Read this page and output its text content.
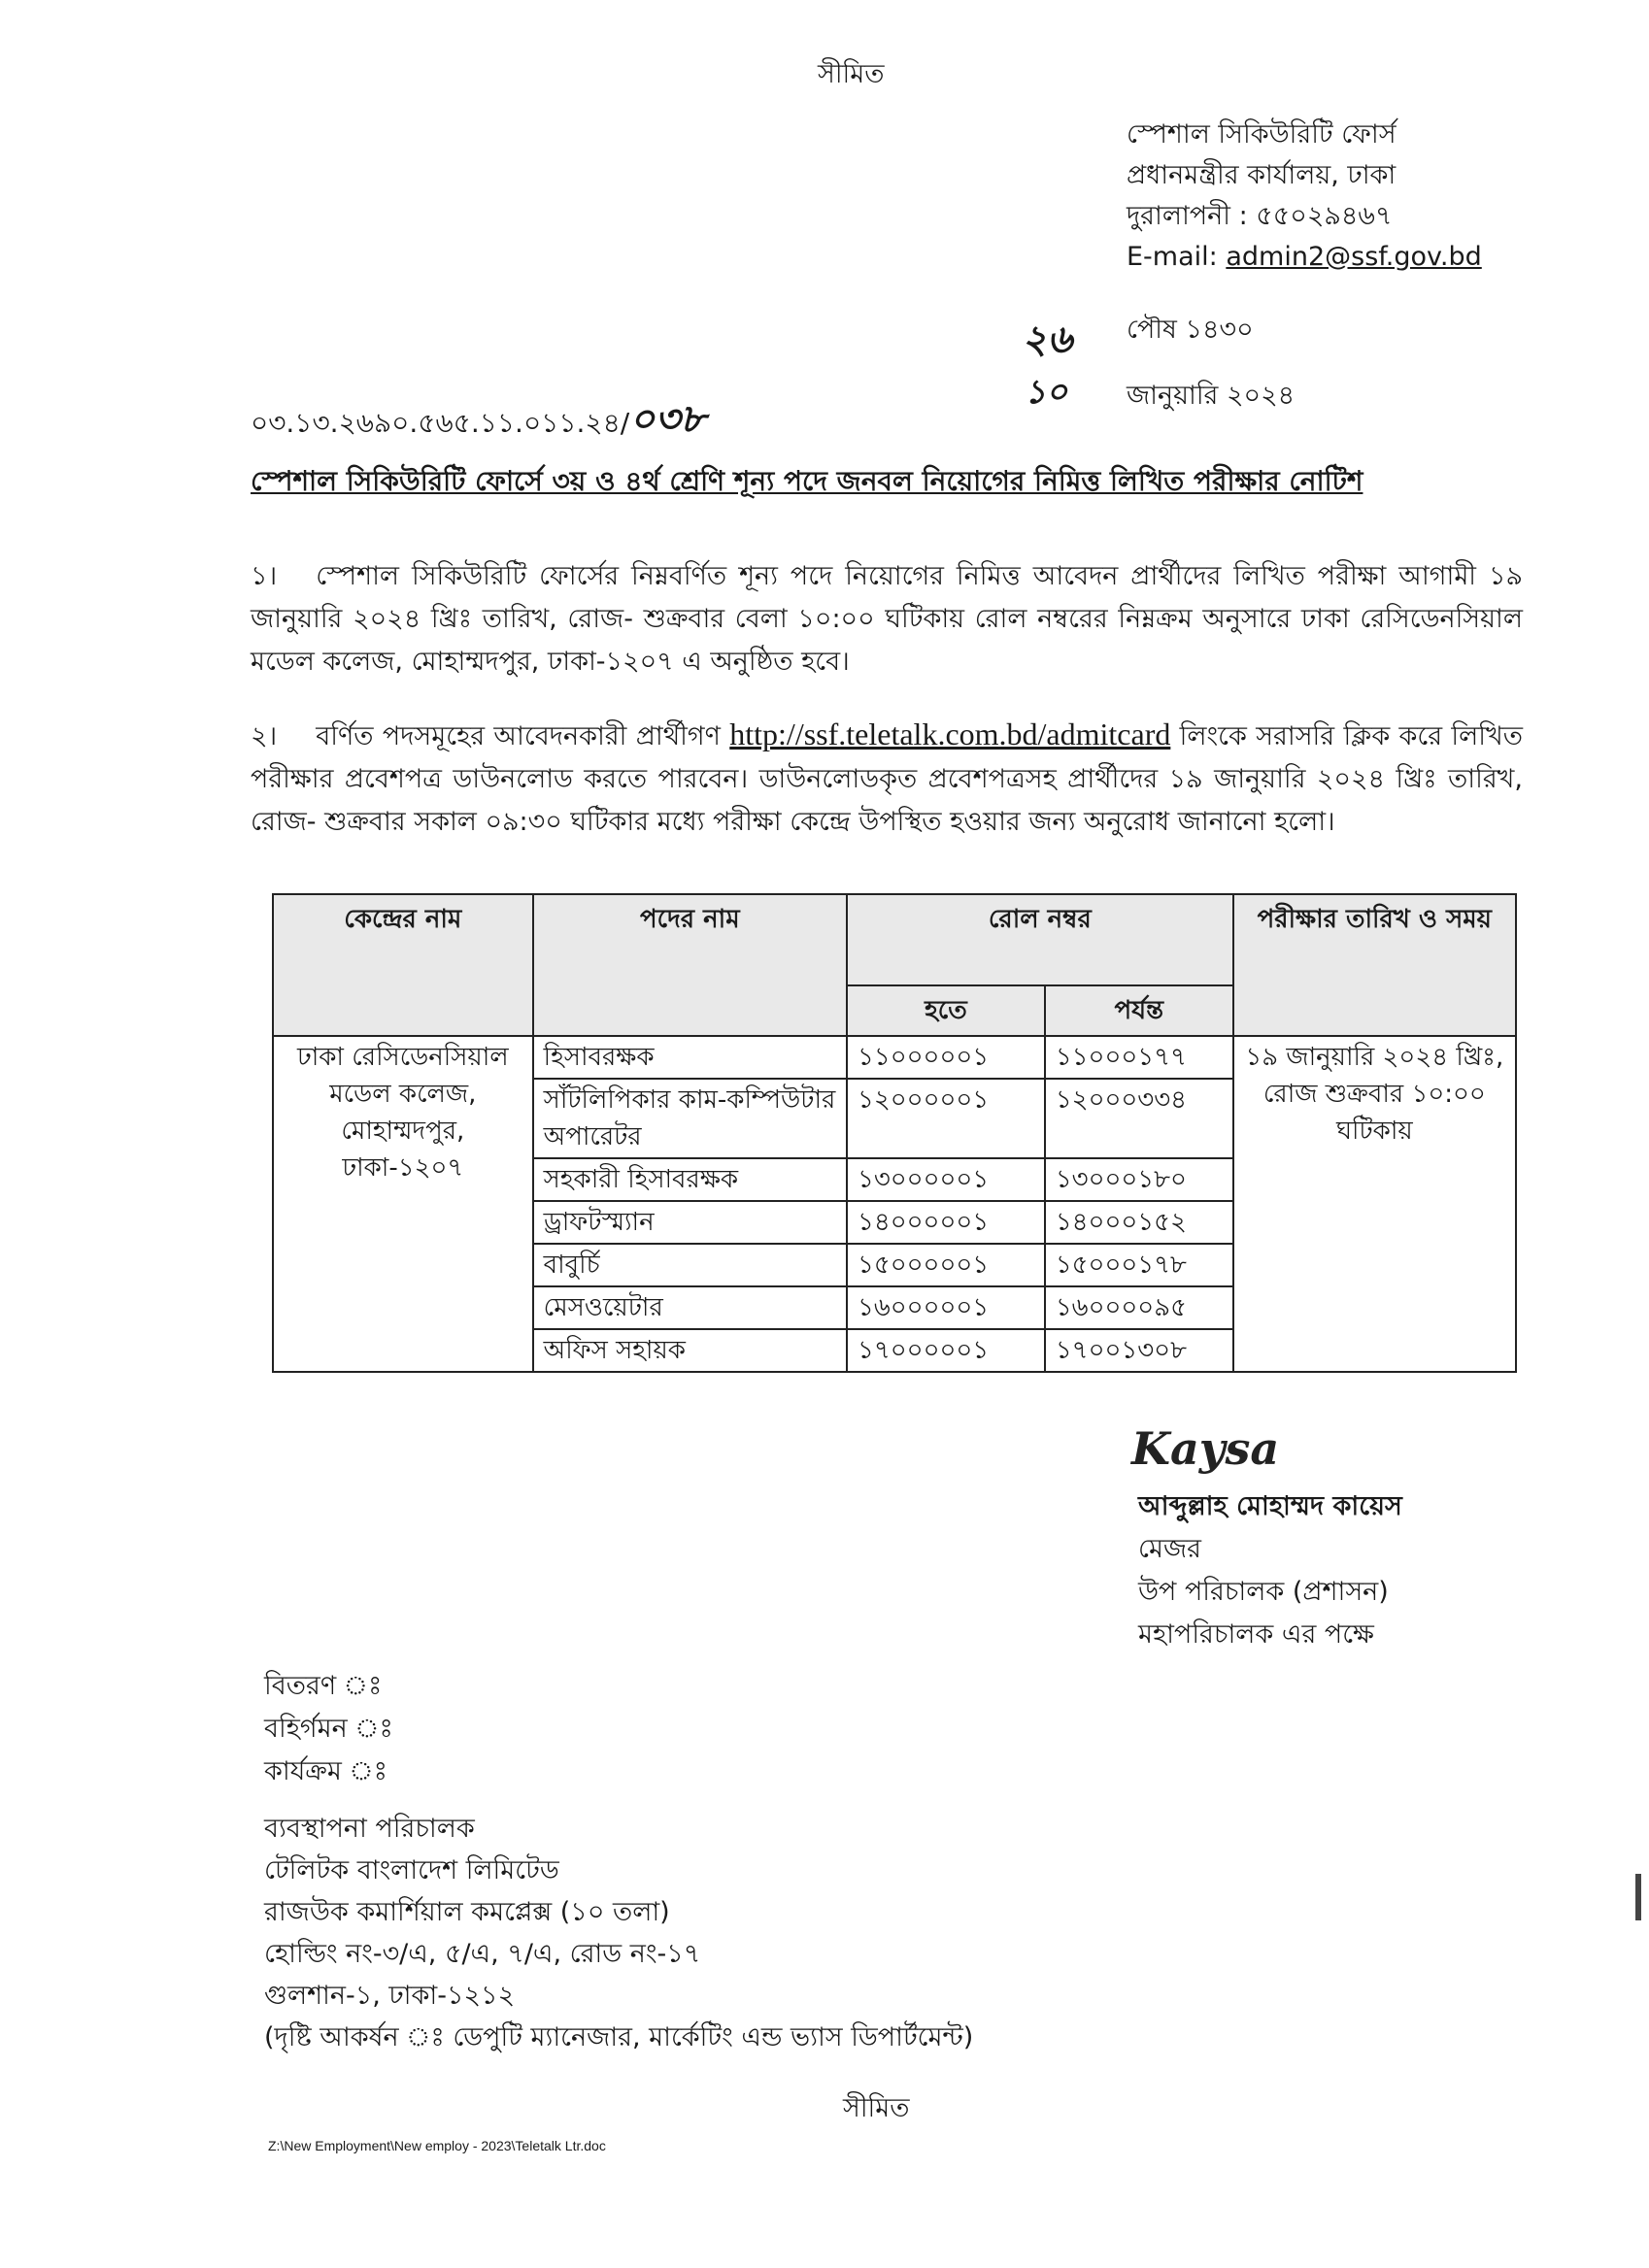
সীমিত
স্পেশাল সিকিউরিটি ফোর্স
প্রধানমন্ত্রীর কার্যালয়, ঢাকা
দুরালাপনী : ৫৫০২৯৪৬৭
E-mail: admin2@ssf.gov.bd
২৬ পৌষ ১৪৩০
১০ জানুয়ারি ২০২৪
০৩.১৩.২৬৯০.৫৬৫.১১.০১১.২৪/০৩৮
স্পেশাল সিকিউরিটি ফোর্সে ৩য় ও ৪র্থ শ্রেণি শূন্য পদে জনবল নিয়োগের নিমিত্ত লিখিত পরীক্ষার নোটিশ
১। স্পেশাল সিকিউরিটি ফোর্সের নিম্নবর্ণিত শূন্য পদে নিয়োগের নিমিত্ত আবেদন প্রার্থীদের লিখিত পরীক্ষা আগামী ১৯ জানুয়ারি ২০২৪ খ্রিঃ তারিখ, রোজ- শুক্রবার বেলা ১০:০০ ঘটিকায় রোল নম্বরের নিম্নক্রম অনুসারে ঢাকা রেসিডেনসিয়াল মডেল কলেজ, মোহাম্মদপুর, ঢাকা-১২০৭ এ অনুষ্ঠিত হবে।
২। বর্ণিত পদসমূহের আবেদনকারী প্রার্থীগণ http://ssf.teletalk.com.bd/admitcard লিংকে সরাসরি ক্লিক করে লিখিত পরীক্ষার প্রবেশপত্র ডাউনলোড করতে পারবেন। ডাউনলোডকৃত প্রবেশপত্রসহ প্রার্থীদের ১৯ জানুয়ারি ২০২৪ খ্রিঃ তারিখ, রোজ- শুক্রবার সকাল ০৯:৩০ ঘটিকার মধ্যে পরীক্ষা কেন্দ্রে উপস্থিত হওয়ার জন্য অনুরোধ জানানো হলো।
কেন্দ্রের নাম	পদের নাম	রোল নম্বর		পরীক্ষার তারিখ ও সময়
		হতে	পর্যন্ত	
ঢাকা রেসিডেনসিয়াল মডেল কলেজ, মোহাম্মদপুর, ঢাকা-১২০৭	হিসাবরক্ষক	১১০০০০০১	১১০০০১৭৭	১৯ জানুয়ারি ২০২৪ খ্রিঃ, রোজ শুক্রবার ১০:০০ ঘটিকায়
	সাঁটলিপিকার কাম-কম্পিউটার অপারেটর	১২০০০০০১	১২০০০৩৩৪	
	সহকারী হিসাবরক্ষক	১৩০০০০০১	১৩০০০১৮০	
	ড্রাফটস্ম্যান	১৪০০০০০১	১৪০০০১৫২	
	বাবুর্চি	১৫০০০০০১	১৫০০০১৭৮	
	মেসওয়েটার	১৬০০০০০১	১৬০০০০৯৫	
	অফিস সহায়ক	১৭০০০০০১	১৭০০১৩০৮	
Kaysa
আব্দুল্লাহ মোহাম্মদ কায়েস
মেজর
উপ পরিচালক (প্রশাসন)
মহাপরিচালক এর পক্ষে
বিতরণ ঃ
বহির্গমন ঃ
কার্যক্রম ঃ
ব্যবস্থাপনা পরিচালক
টেলিটক বাংলাদেশ লিমিটেড
রাজউক কমার্শিয়াল কমপ্লেক্স (১০ তলা)
হোল্ডিং নং-৩/এ, ৫/এ, ৭/এ, রোড নং-১৭
গুলশান-১, ঢাকা-১২১২
(দৃষ্টি আকর্ষন ঃ ডেপুটি ম্যানেজার, মার্কেটিং এন্ড ভ্যাস ডিপার্টমেন্ট)
সীমিত
Z:\New Employment\New employ - 2023\Teletalk Ltr.doc
